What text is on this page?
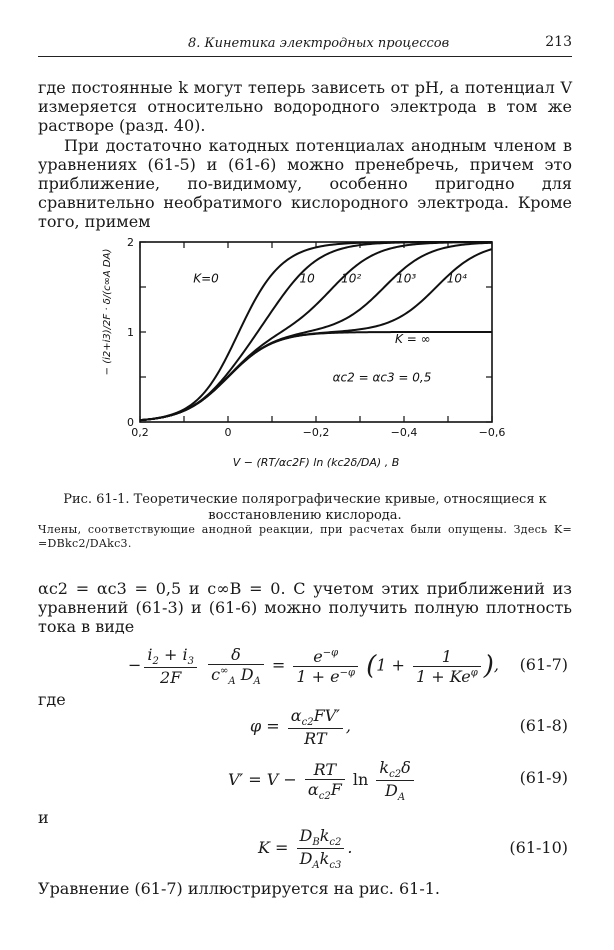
8. Кинетика электродных процессов	213

где постоянные k могут теперь зависеть от pH, а потенциал V измеряется относительно водородного электрода в том же растворе (разд. 40).

При достаточно катодных потенциалах анодным членом в уравнениях (61-5) и (61-6) можно пренебречь, причем это приближение, по-видимому, особенно пригодно для сравнительно необратимого кислородного электрода. Кроме того, примем

0,2	0	−0,2	−0,4	−0,6
0
1
2
K=0	10 10²	10³	10⁴
K = ∞
αc2 = αc3 = 0,5
V − (RT/αc2F) ln (kc2δ/DA) , В
− (i2+i3)/2F · δ/(c∞A DA)

Рис. 61-1. Теоретические полярографические кривые, относящиеся к восстановлению кислорода.

Члены, соответствующие анодной реакции, при расчетах были опущены. Здесь K= =DBkc2/DAkc3.

αc2 = αc3 = 0,5 и c∞B = 0. С учетом этих приближений из уравнений (61-3) и (61-6) можно получить полную плотность тока в виде

− $\frac{i_2 + i_3}{2F}$
$\frac{\delta}{c^\infty_A D_A} = \frac{e^{-\varphi}}{1 + e^{-\varphi}} (1 + \frac{1}{1 + Ke^\varphi}$ ), (61-7)
где
$\varphi = \frac{\alpha_{c2}FV'}{RT}$ ,	(61-8)
$V' = V - \frac{RT}{\alpha_{c2}F}$ $\ln \frac{k_{c2}\delta}{D_A}$	(61-9)
и
$K = \frac{D_Bk_{c2}}{D_Ak_{c3}}$ .	(61-10)

Уравнение (61-7) иллюстрируется на рис. 61-1.
